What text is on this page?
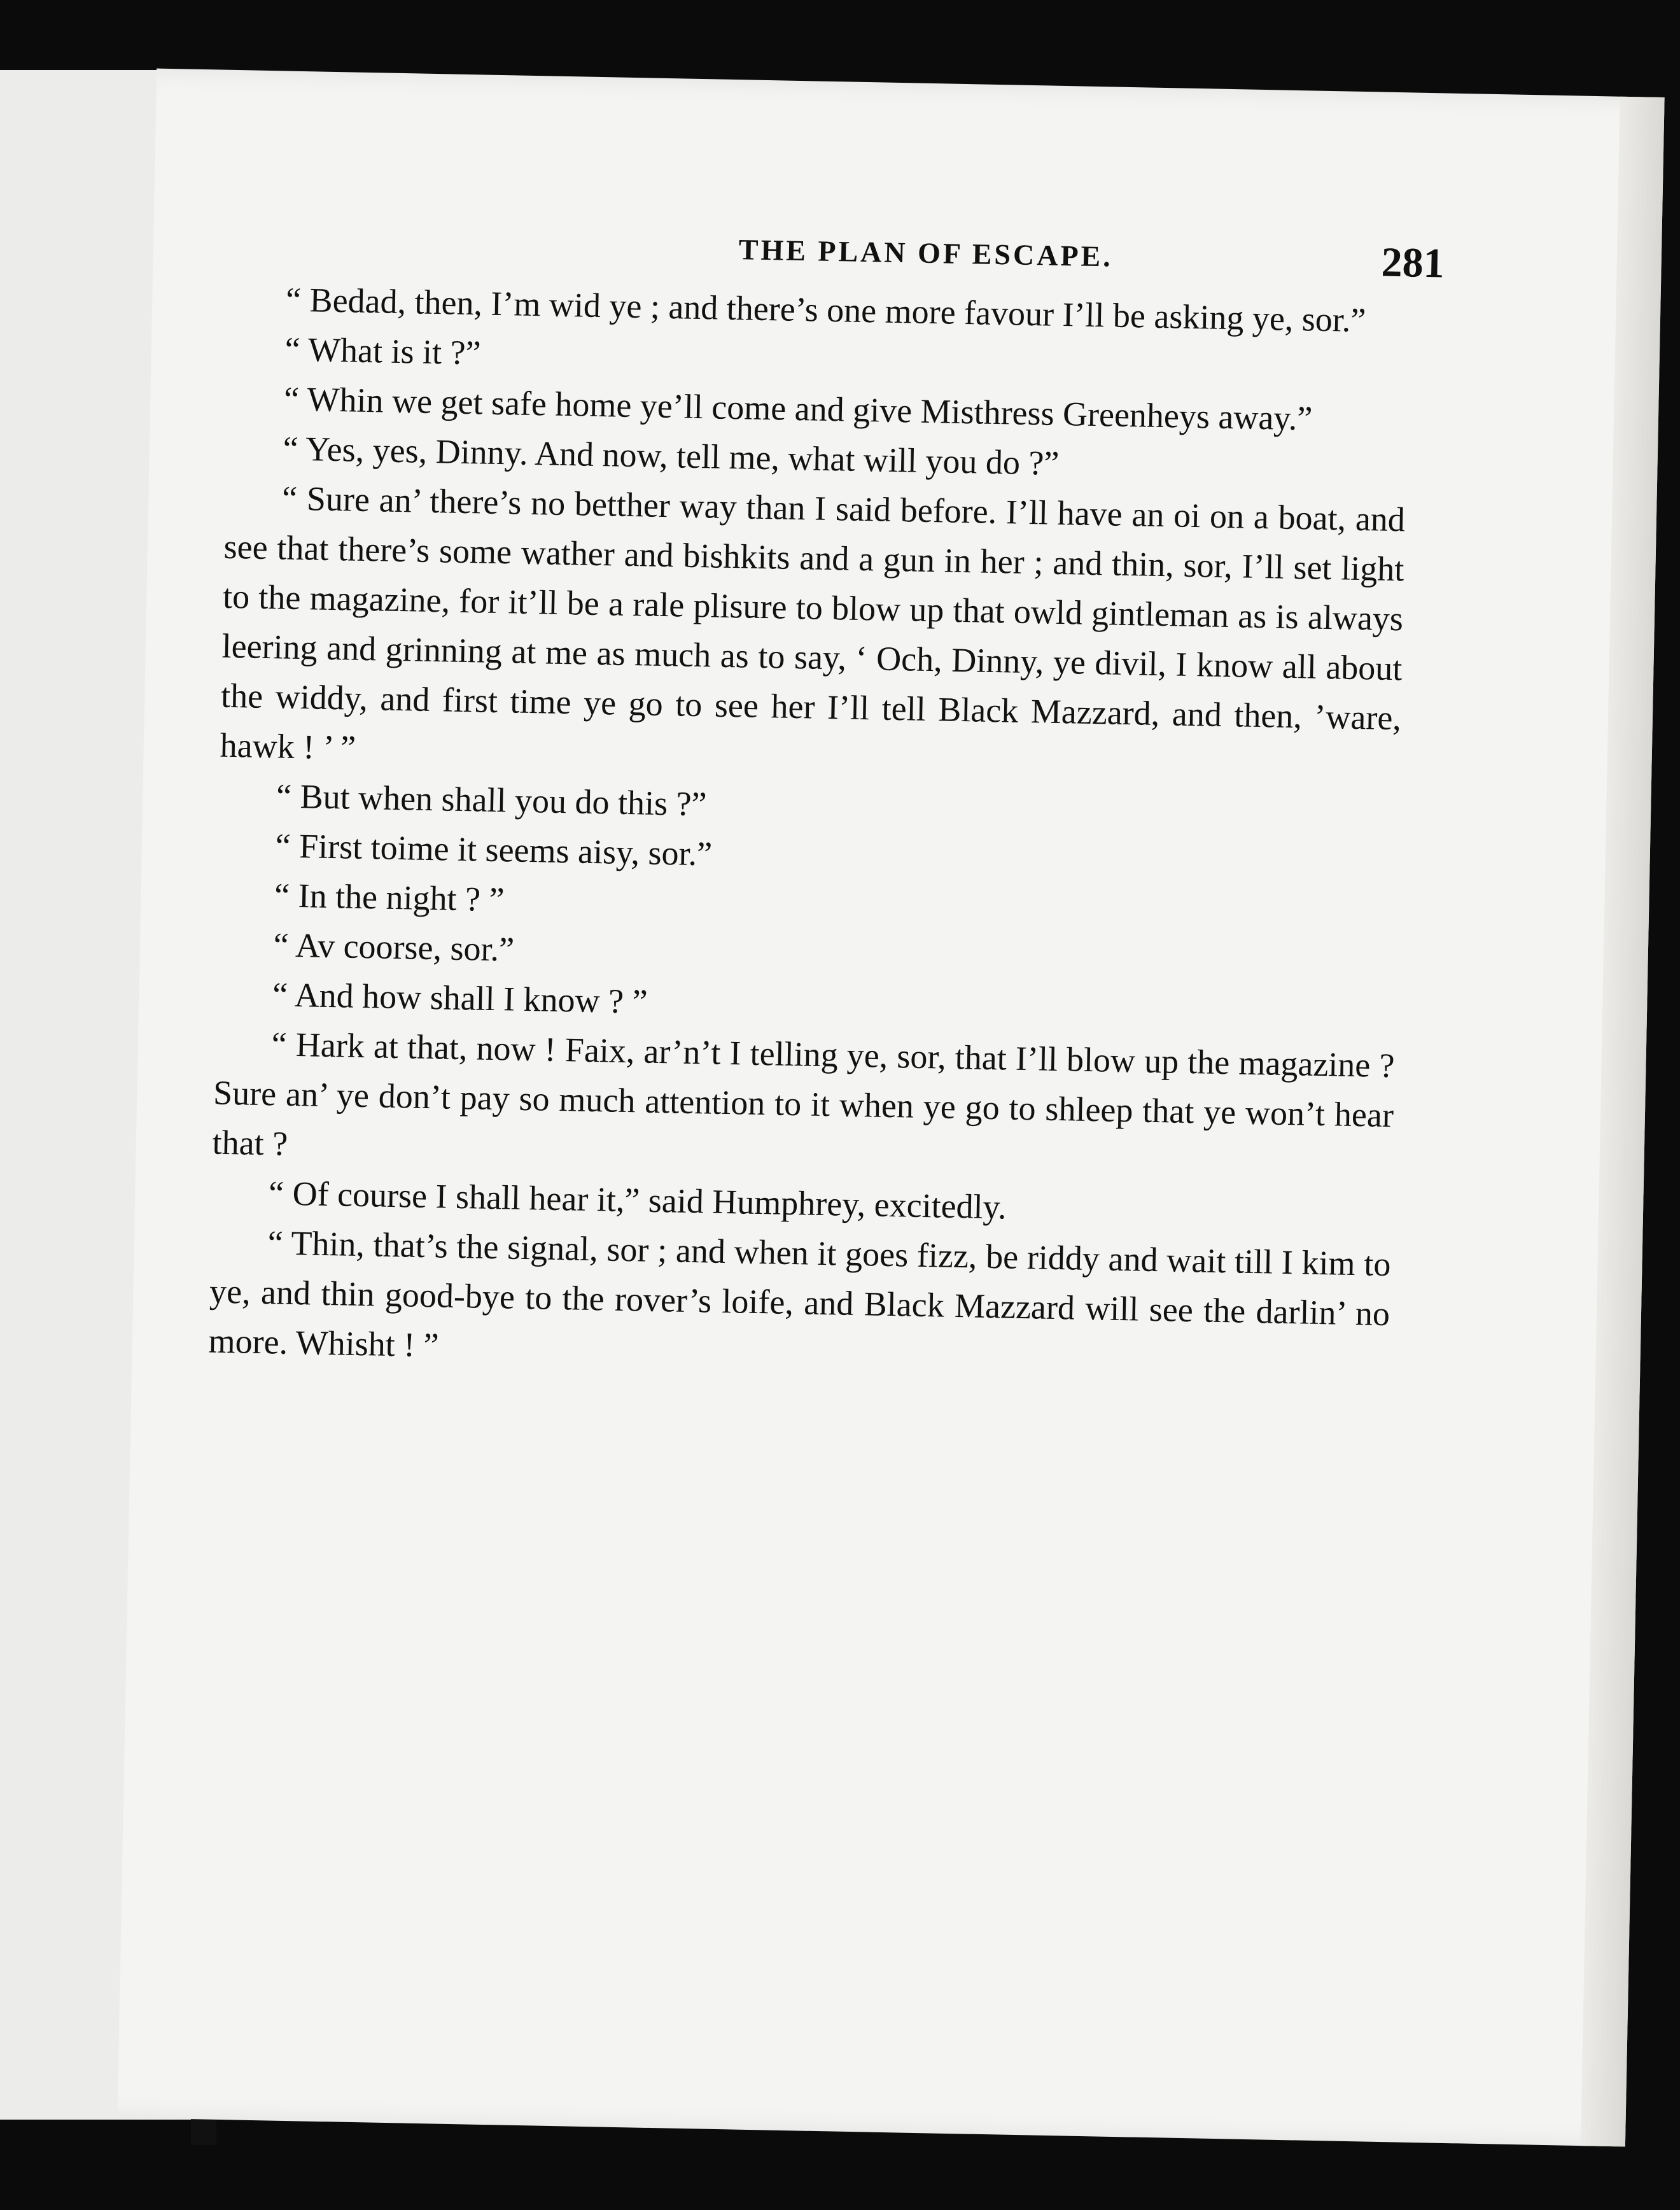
THE PLAN OF ESCAPE.	281

“ Bedad, then, I’m wid ye ; and there’s one more favour I’ll be asking ye, sor.”

“ What is it ?”

“ Whin we get safe home ye’ll come and give Misthress Greenheys away.”

“ Yes, yes, Dinny. And now, tell me, what will you do ?”

“ Sure an’ there’s no betther way than I said before. I’ll have an oi on a boat, and see that there’s some wather and bishkits and a gun in her ; and thin, sor, I’ll set light to the magazine, for it’ll be a rale plisure to blow up that owld gintleman as is always leering and grinning at me as much as to say, ‘ Och, Dinny, ye divil, I know all about the widdy, and first time ye go to see her I’ll tell Black Mazzard, and then, ’ware, hawk ! ’ ”

“ But when shall you do this ?”

“ First toime it seems aisy, sor.”

“ In the night ? ”

“ Av coorse, sor.”

“ And how shall I know ? ”

“ Hark at that, now ! Faix, ar’n’t I telling ye, sor, that I’ll blow up the magazine ? Sure an’ ye don’t pay so much attention to it when ye go to shleep that ye won’t hear that ?

“ Of course I shall hear it,” said Humphrey, excitedly.

“ Thin, that’s the signal, sor ; and when it goes fizz, be riddy and wait till I kim to ye, and thin good-bye to the rover’s loife, and Black Mazzard will see the darlin’ no more. Whisht ! ”
